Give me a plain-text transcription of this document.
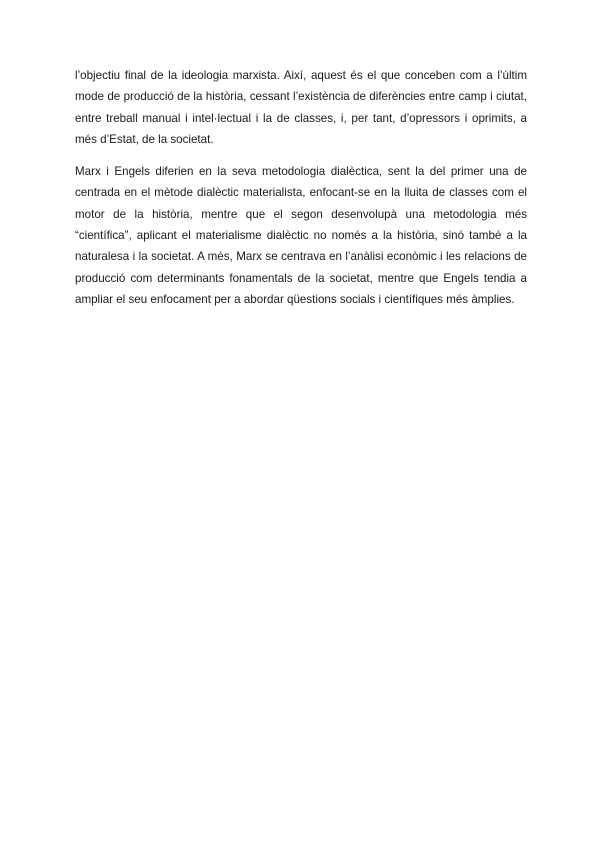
l’objectiu final de la ideologia marxista. Així, aquest és el que conceben com a l’últim mode de producció de la història, cessant l’existència de diferències entre camp i ciutat, entre treball manual i intel·lectual i la de classes, i, per tant, d’opressors i oprimits, a més d’Estat, de la societat.

Marx i Engels diferien en la seva metodologia dialèctica, sent la del primer una de centrada en el mètode dialèctic materialista, enfocant-se en la lluita de classes com el motor de la història, mentre que el segon desenvolupà una metodologia més “científica”, aplicant el materialisme dialèctic no només a la història, sinó també a la naturalesa i la societat. A més, Marx se centrava en l’anàlisi econòmic i les relacions de producció com determinants fonamentals de la societat, mentre que Engels tendia a ampliar el seu enfocament per a abordar qüestions socials i científiques més àmplies.
